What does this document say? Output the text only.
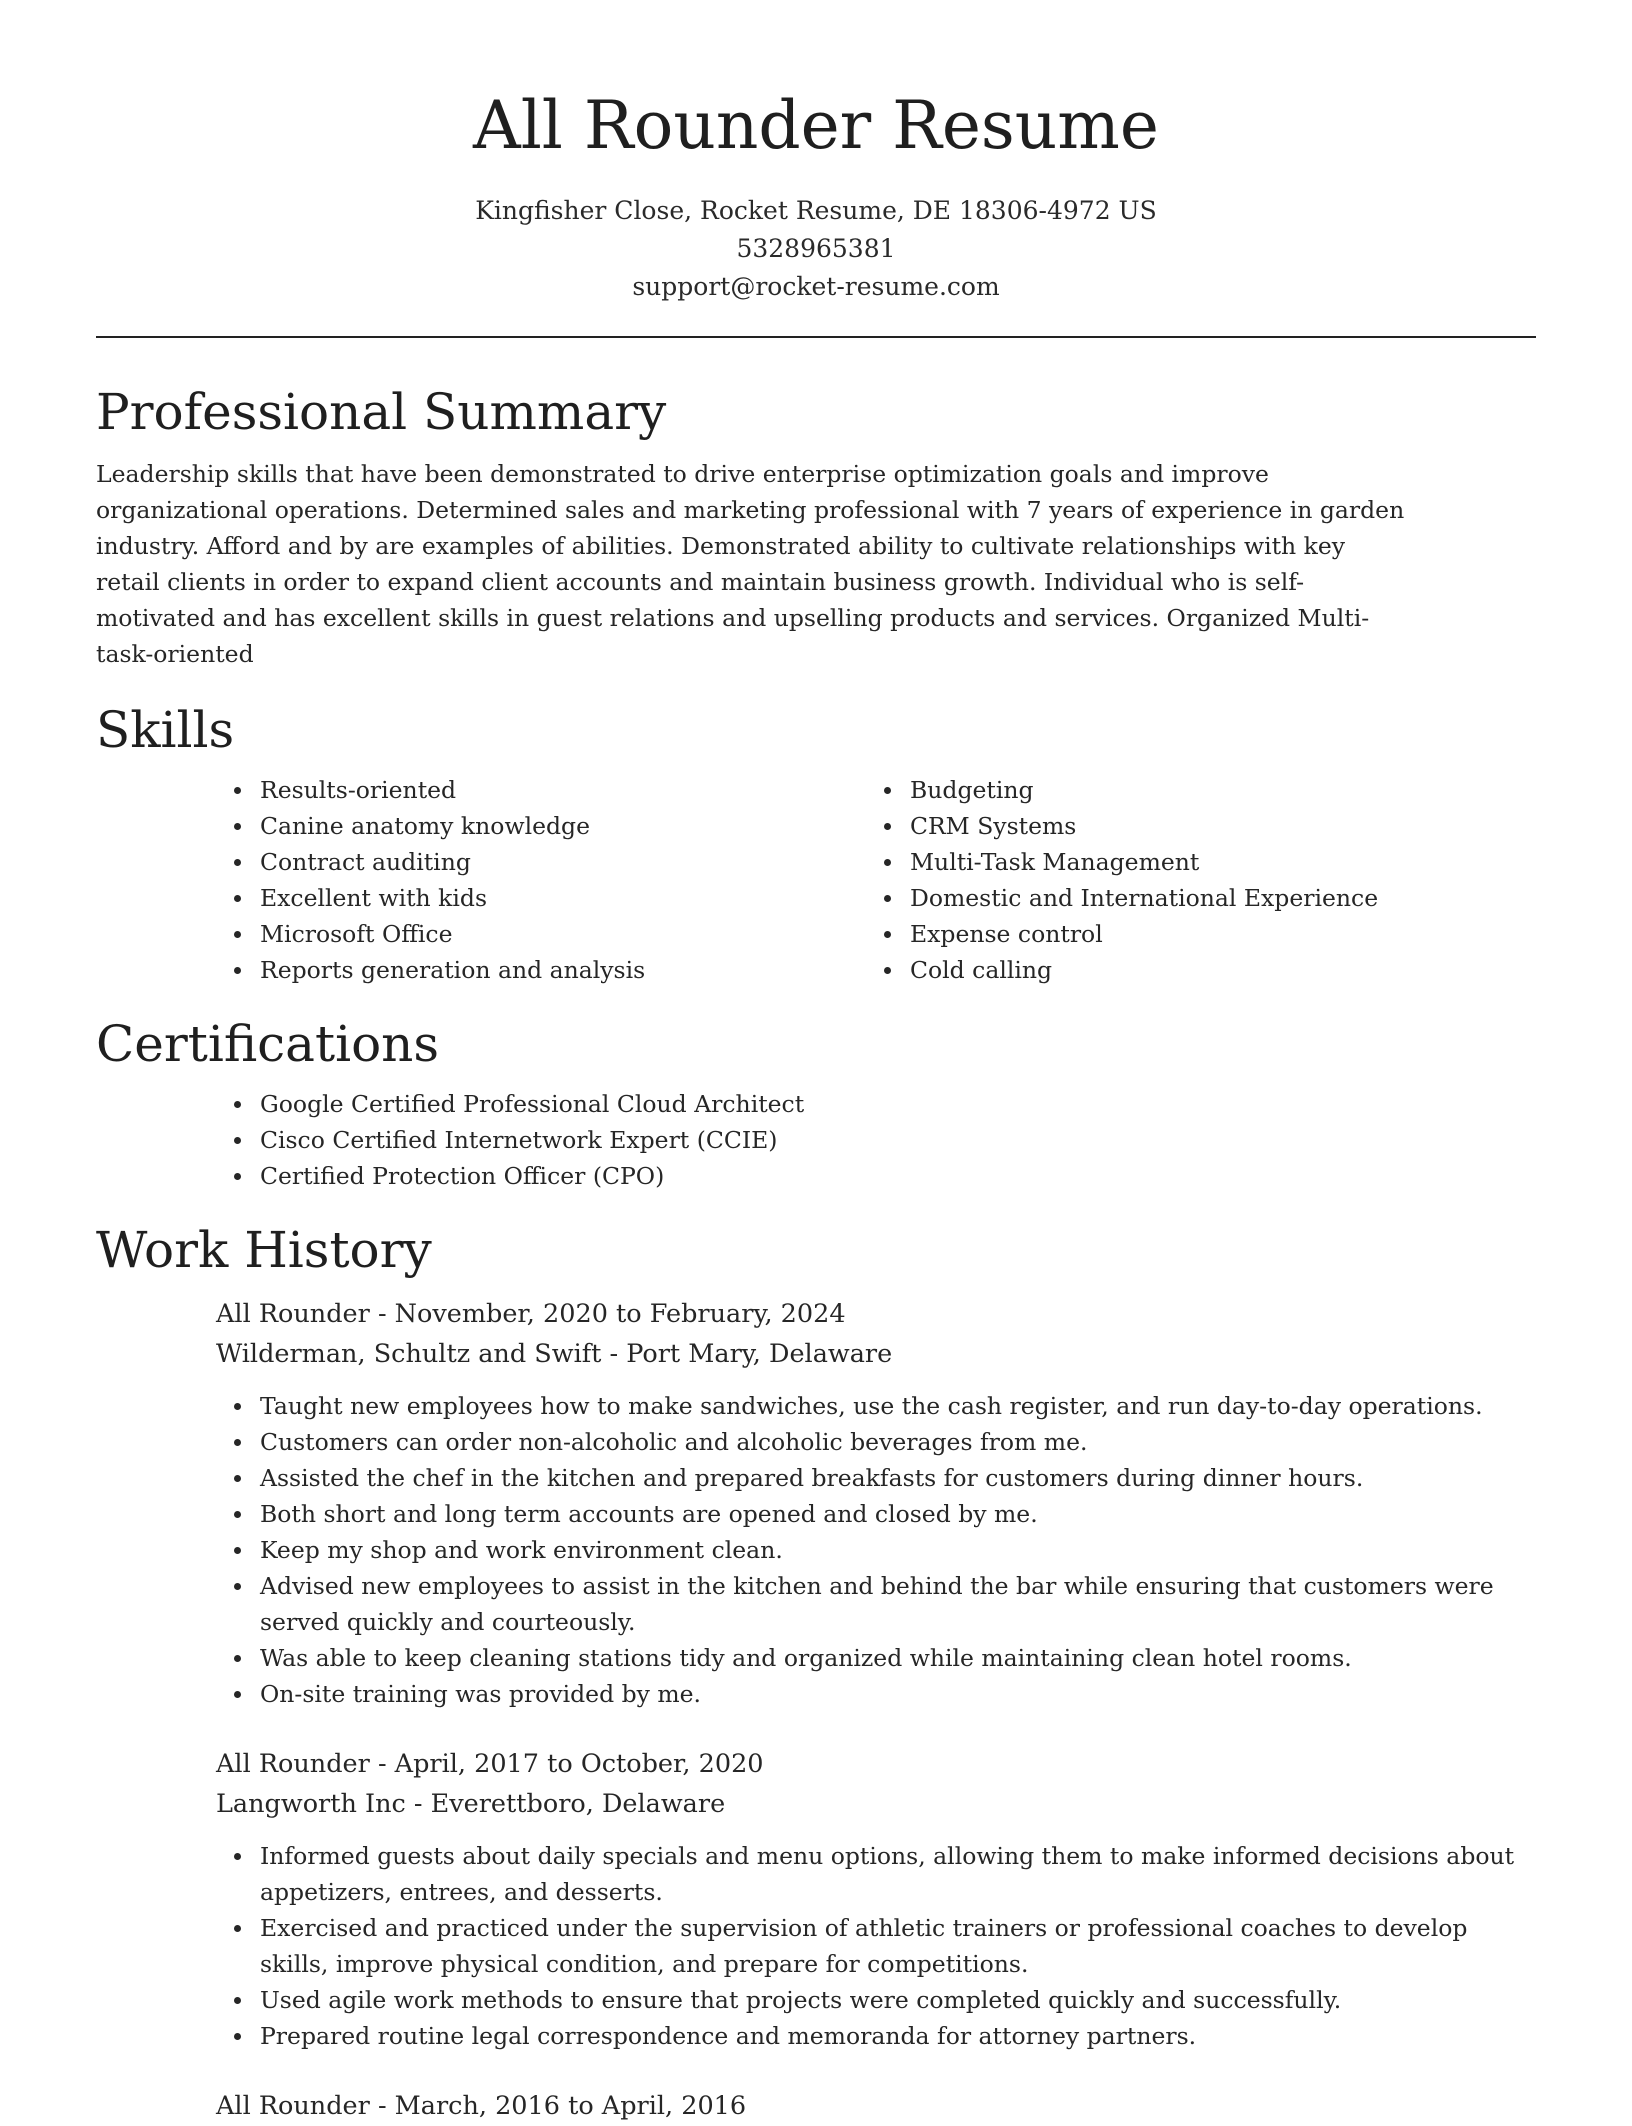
All Rounder Resume
Kingfisher Close, Rocket Resume, DE 18306-4972 US
5328965381
support@rocket-resume.com
Professional Summary

Leadership skills that have been demonstrated to drive enterprise optimization goals and improve organizational operations. Determined sales and marketing professional with 7 years of experience in garden industry. Afford and by are examples of abilities. Demonstrated ability to cultivate relationships with key retail clients in order to expand client accounts and maintain business growth. Individual who is self-motivated and has excellent skills in guest relations and upselling products and services. Organized Multi-task-oriented

Skills
Results-oriented
Canine anatomy knowledge
Contract auditing
Excellent with kids
Microsoft Office
Reports generation and analysis
Budgeting
CRM Systems
Multi-Task Management
Domestic and International Experience
Expense control
Cold calling
Certifications
Google Certified Professional Cloud Architect
Cisco Certified Internetwork Expert (CCIE)
Certified Protection Officer (CPO)
Work History
All Rounder - November, 2020 to February, 2024
Wilderman, Schultz and Swift - Port Mary, Delaware
Taught new employees how to make sandwiches, use the cash register, and run day-to-day operations.
Customers can order non-alcoholic and alcoholic beverages from me.
Assisted the chef in the kitchen and prepared breakfasts for customers during dinner hours.
Both short and long term accounts are opened and closed by me.
Keep my shop and work environment clean.
Advised new employees to assist in the kitchen and behind the bar while ensuring that customers were served quickly and courteously.
Was able to keep cleaning stations tidy and organized while maintaining clean hotel rooms.
On-site training was provided by me.
All Rounder - April, 2017 to October, 2020
Langworth Inc - Everettboro, Delaware
Informed guests about daily specials and menu options, allowing them to make informed decisions about appetizers, entrees, and desserts.
Exercised and practiced under the supervision of athletic trainers or professional coaches to develop skills, improve physical condition, and prepare for competitions.
Used agile work methods to ensure that projects were completed quickly and successfully.
Prepared routine legal correspondence and memoranda for attorney partners.
All Rounder - March, 2016 to April, 2016
